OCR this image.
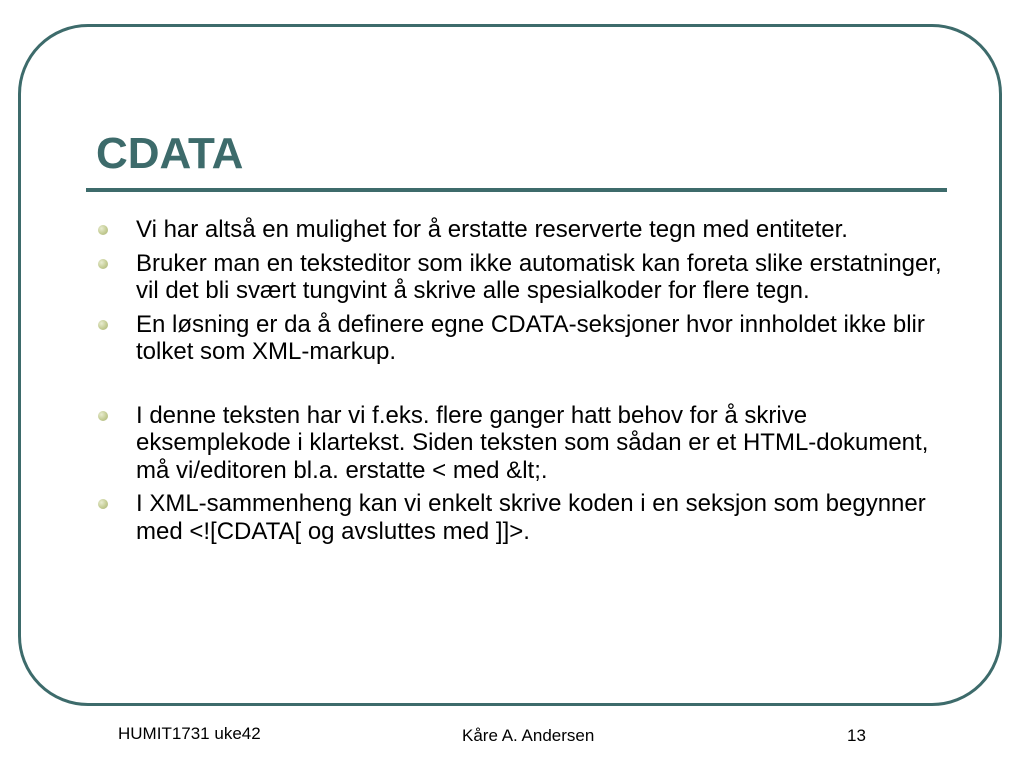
CDATA
Vi har altså en mulighet for å erstatte reserverte tegn med entiteter.
Bruker man en teksteditor som ikke automatisk kan foreta slike erstatninger, vil det bli svært tungvint å skrive alle spesialkoder for flere tegn.
En løsning er da å definere egne CDATA-seksjoner hvor innholdet ikke blir tolket som XML-markup.
I denne teksten har vi f.eks. flere ganger hatt behov for å skrive eksemplekode i klartekst. Siden teksten som sådan er et HTML-dokument, må vi/editoren bl.a. erstatte < med &lt;.
I XML-sammenheng kan vi enkelt skrive koden i en seksjon som begynner med <![CDATA[ og avsluttes med ]]>.
HUMIT1731 uke42	Kåre A. Andersen	13
